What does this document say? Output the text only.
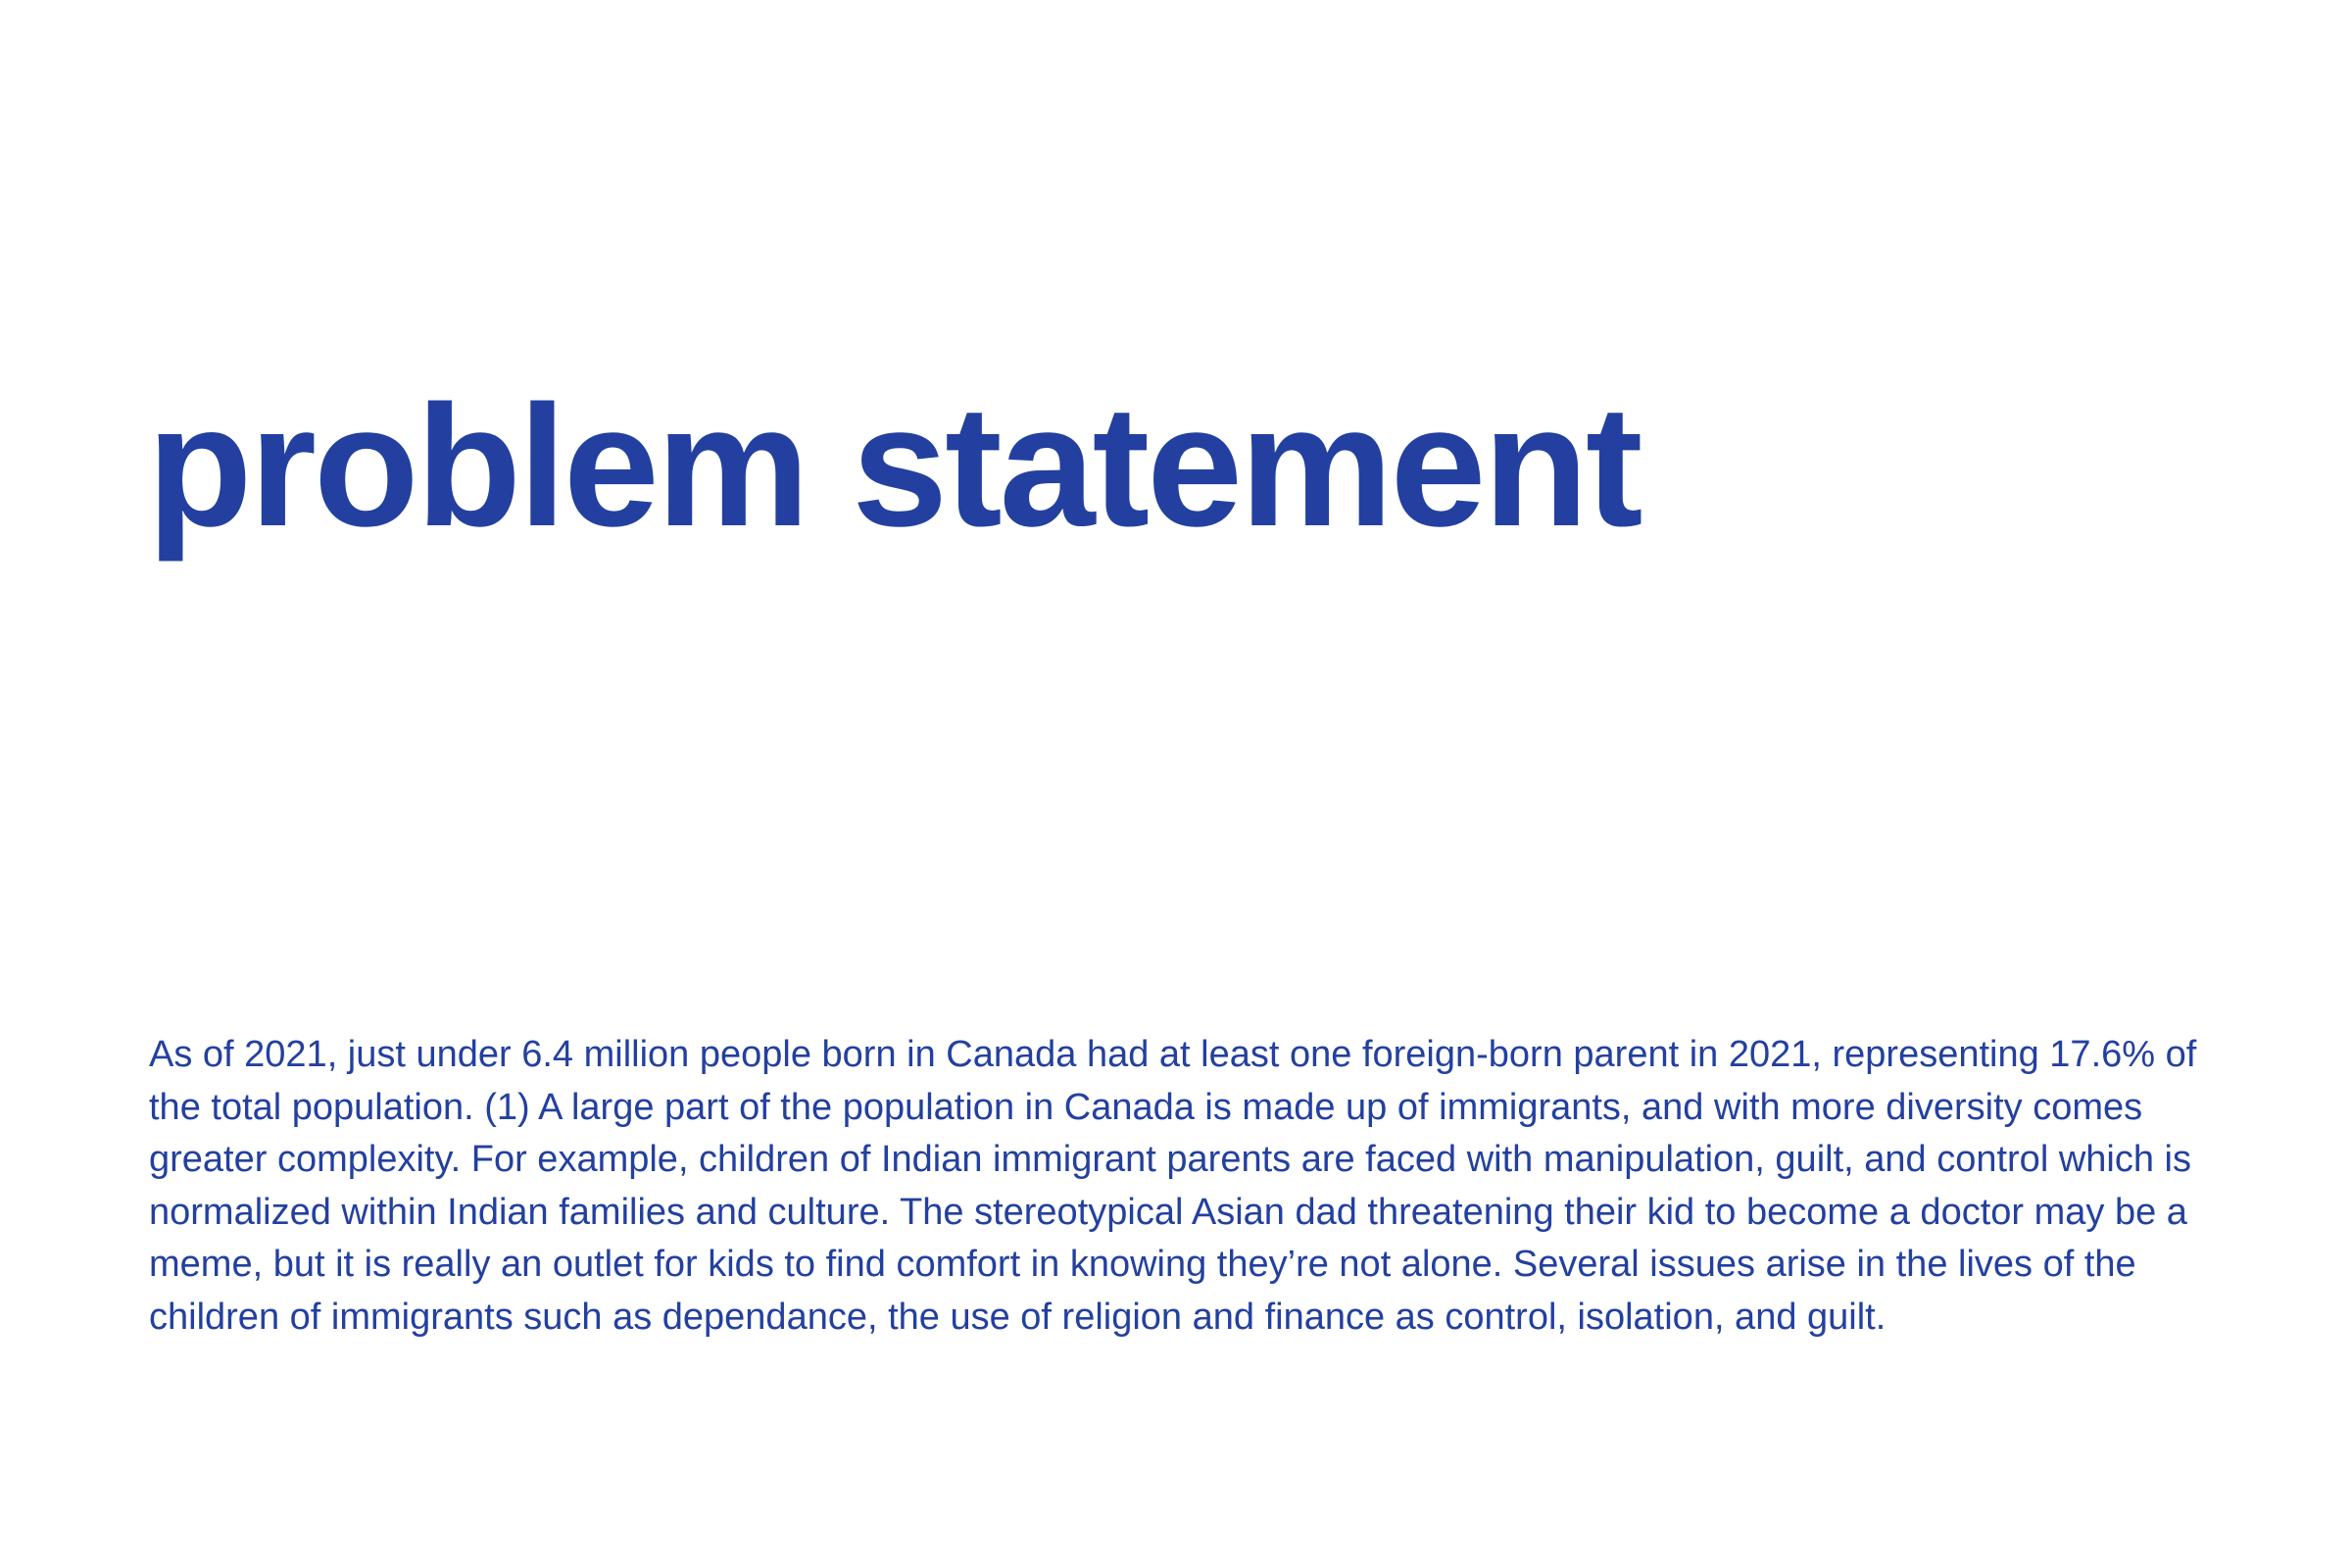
problem statement

As of 2021, just under 6.4 million people born in Canada had at least one foreign-born parent in 2021, representing 17.6% of the total population. (1) A large part of the population in Canada is made up of immigrants, and with more diversity comes greater complexity. For example, children of Indian immigrant parents are faced with manipulation, guilt, and control which is normalized within Indian families and culture. The stereotypical Asian dad threatening their kid to become a doctor may be a meme, but it is really an outlet for kids to find comfort in knowing they’re not alone. Several issues arise in the lives of the children of immigrants such as dependance, the use of religion and finance as control, isolation, and guilt.
